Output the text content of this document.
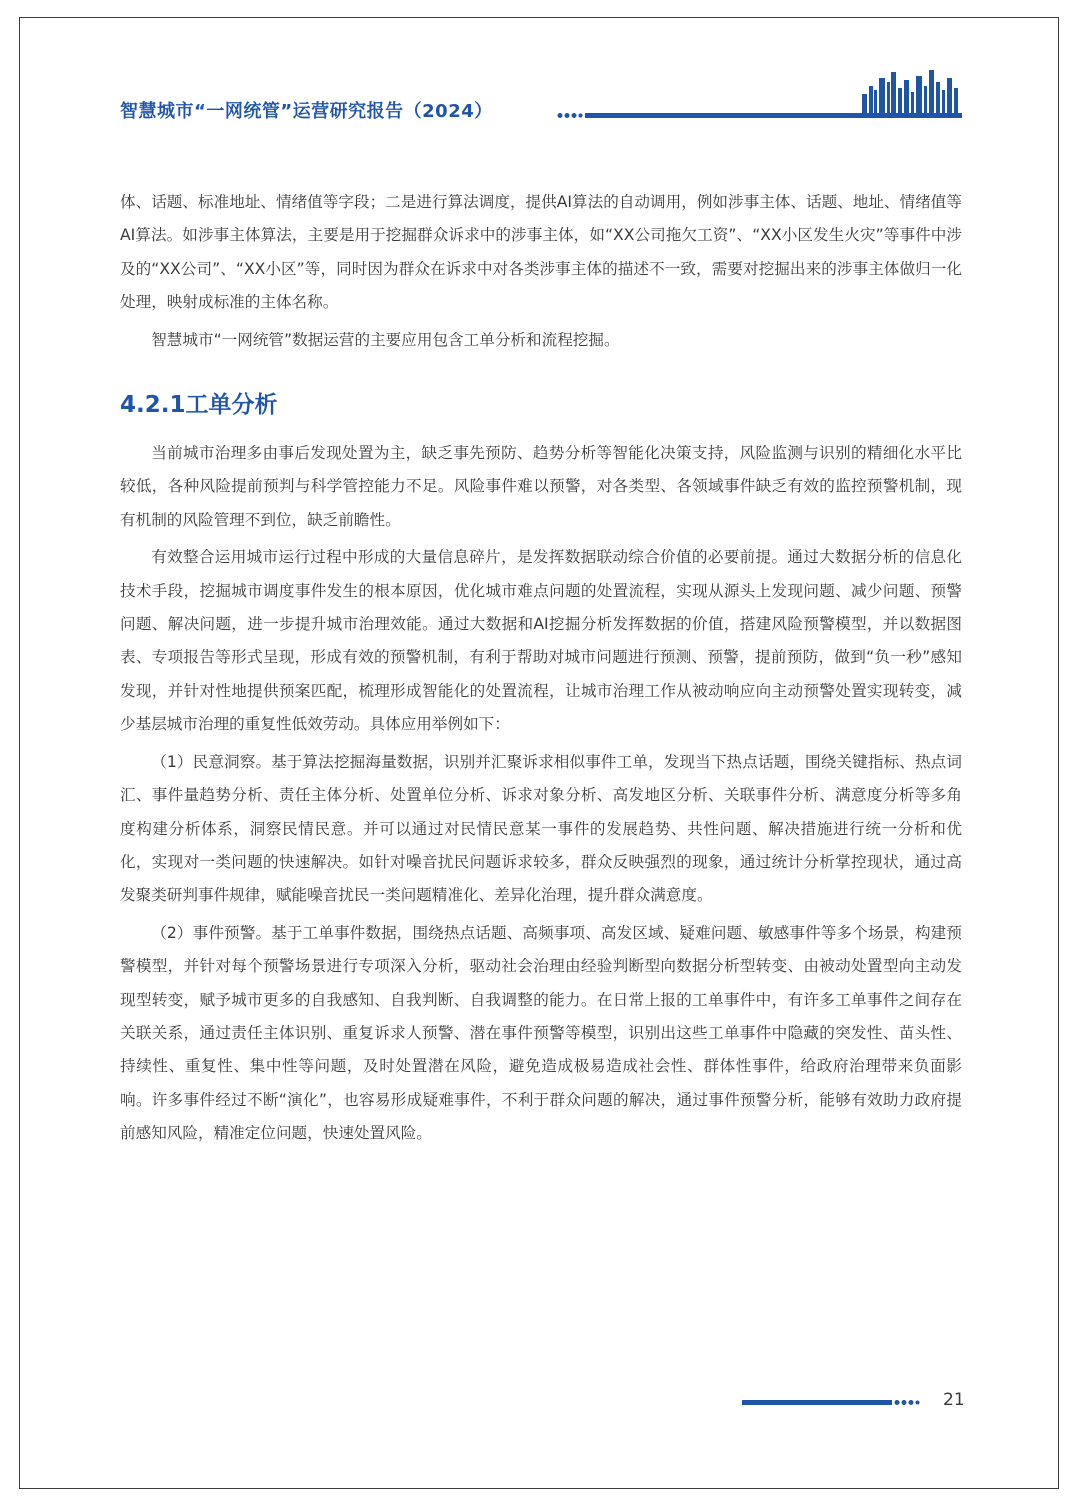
智慧城市“一网统管”运营研究报告（2024）

体、话题、标准地址、情绪值等字段；二是进行算法调度，提供AI算法的自动调用，例如涉事主体、话题、地址、情绪值等AI算法。如涉事主体算法，主要是用于挖掘群众诉求中的涉事主体，如“XX公司拖欠工资”、“XX小区发生火灾”等事件中涉及的“XX公司”、“XX小区”等，同时因为群众在诉求中对各类涉事主体的描述不一致，需要对挖掘出来的涉事主体做归一化处理，映射成标准的主体名称。

智慧城市“一网统管”数据运营的主要应用包含工单分析和流程挖掘。

4.2.1工单分析

当前城市治理多由事后发现处置为主，缺乏事先预防、趋势分析等智能化决策支持，风险监测与识别的精细化水平比较低，各种风险提前预判与科学管控能力不足。风险事件难以预警，对各类型、各领域事件缺乏有效的监控预警机制，现有机制的风险管理不到位，缺乏前瞻性。

有效整合运用城市运行过程中形成的大量信息碎片，是发挥数据联动综合价值的必要前提。通过大数据分析的信息化技术手段，挖掘城市调度事件发生的根本原因，优化城市难点问题的处置流程，实现从源头上发现问题、减少问题、预警问题、解决问题，进一步提升城市治理效能。通过大数据和AI挖掘分析发挥数据的价值，搭建风险预警模型，并以数据图表、专项报告等形式呈现，形成有效的预警机制，有利于帮助对城市问题进行预测、预警，提前预防，做到“负一秒”感知发现，并针对性地提供预案匹配，梳理形成智能化的处置流程，让城市治理工作从被动响应向主动预警处置实现转变，减少基层城市治理的重复性低效劳动。具体应用举例如下：

（1）民意洞察。基于算法挖掘海量数据，识别并汇聚诉求相似事件工单，发现当下热点话题，围绕关键指标、热点词汇、事件量趋势分析、责任主体分析、处置单位分析、诉求对象分析、高发地区分析、关联事件分析、满意度分析等多角度构建分析体系，洞察民情民意。并可以通过对民情民意某一事件的发展趋势、共性问题、解决措施进行统一分析和优化，实现对一类问题的快速解决。如针对噪音扰民问题诉求较多，群众反映强烈的现象，通过统计分析掌控现状，通过高发聚类研判事件规律，赋能噪音扰民一类问题精准化、差异化治理，提升群众满意度。

（2）事件预警。基于工单事件数据，围绕热点话题、高频事项、高发区域、疑难问题、敏感事件等多个场景，构建预警模型，并针对每个预警场景进行专项深入分析，驱动社会治理由经验判断型向数据分析型转变、由被动处置型向主动发现型转变，赋予城市更多的自我感知、自我判断、自我调整的能力。在日常上报的工单事件中，有许多工单事件之间存在关联关系，通过责任主体识别、重复诉求人预警、潜在事件预警等模型，识别出这些工单事件中隐藏的突发性、苗头性、持续性、重复性、集中性等问题，及时处置潜在风险，避免造成极易造成社会性、群体性事件，给政府治理带来负面影响。许多事件经过不断“演化”，也容易形成疑难事件，不利于群众问题的解决，通过事件预警分析，能够有效助力政府提前感知风险，精准定位问题，快速处置风险。

21
